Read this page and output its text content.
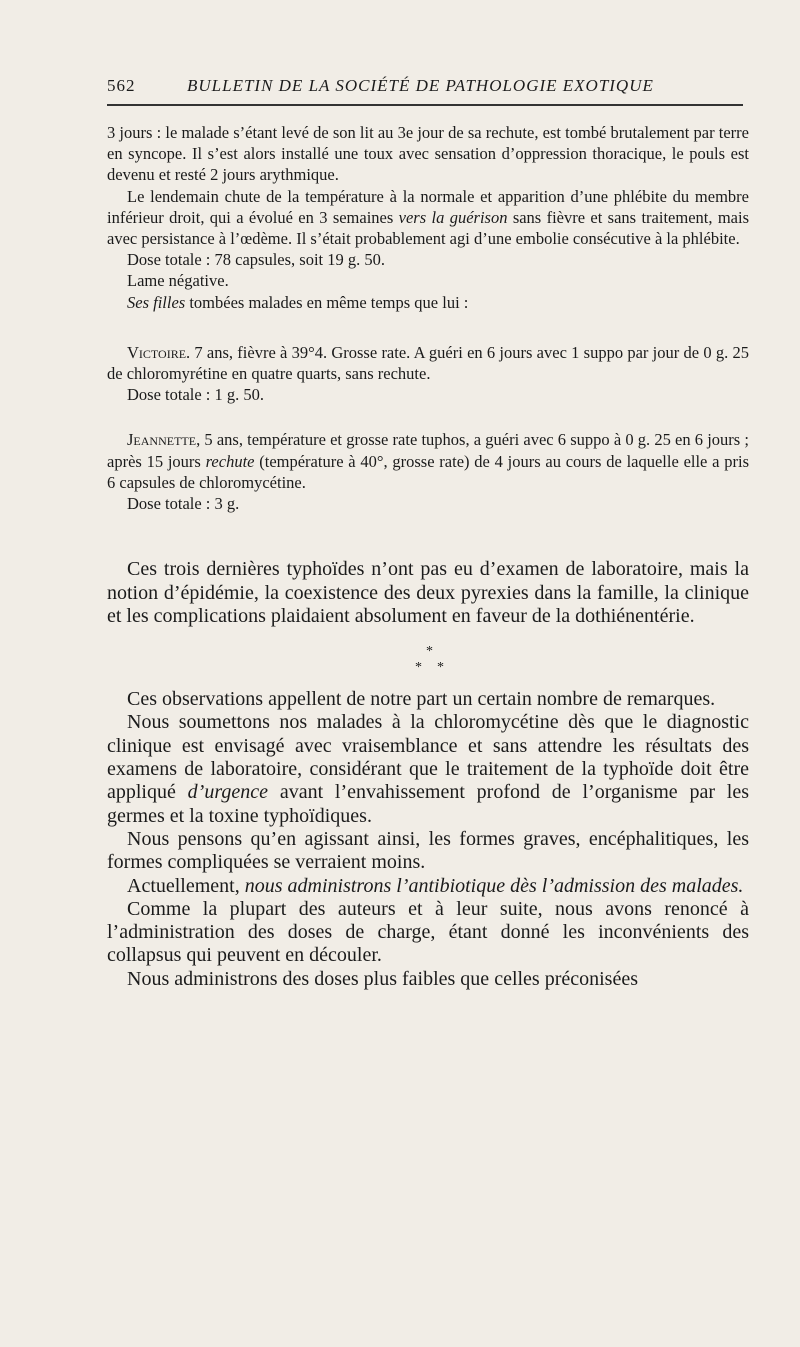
562	BULLETIN DE LA SOCIÉTÉ DE PATHOLOGIE EXOTIQUE

3 jours : le malade s’étant levé de son lit au 3e jour de sa rechute, est tombé brutalement par terre en syncope. Il s’est alors installé une toux avec sensation d’oppression thoracique, le pouls est devenu et resté 2 jours arythmique.

Le lendemain chute de la température à la normale et apparition d’une phlébite du membre inférieur droit, qui a évolué en 3 semaines vers la guérison sans fièvre et sans traitement, mais avec persistance à l’œdème. Il s’était probablement agi d’une embolie consécutive à la phlébite.

Dose totale : 78 capsules, soit 19 g. 50.

Lame négative.

Ses filles tombées malades en même temps que lui :

Victoire. 7 ans, fièvre à 39°4. Grosse rate. A guéri en 6 jours avec 1 suppo par jour de 0 g. 25 de chloromyrétine en quatre quarts, sans rechute.

Dose totale : 1 g. 50.

Jeannette, 5 ans, température et grosse rate tuphos, a guéri avec 6 suppo à 0 g. 25 en 6 jours ; après 15 jours rechute (température à 40°, grosse rate) de 4 jours au cours de laquelle elle a pris 6 capsules de chloromycétine.

Dose totale : 3 g.

Ces trois dernières typhoïdes n’ont pas eu d’examen de laboratoire, mais la notion d’épidémie, la coexistence des deux pyrexies dans la famille, la clinique et les complications plaidaient absolument en faveur de la dothiénentérie.

*
* *

Ces observations appellent de notre part un certain nombre de remarques.

Nous soumettons nos malades à la chloromycétine dès que le diagnostic clinique est envisagé avec vraisemblance et sans attendre les résultats des examens de laboratoire, considérant que le traitement de la typhoïde doit être appliqué d’urgence avant l’envahissement profond de l’organisme par les germes et la toxine typhoïdiques.

Nous pensons qu’en agissant ainsi, les formes graves, encéphalitiques, les formes compliquées se verraient moins.

Actuellement, nous administrons l’antibiotique dès l’admission des malades.

Comme la plupart des auteurs et à leur suite, nous avons renoncé à l’administration des doses de charge, étant donné les inconvénients des collapsus qui peuvent en découler.

Nous administrons des doses plus faibles que celles préconisées
